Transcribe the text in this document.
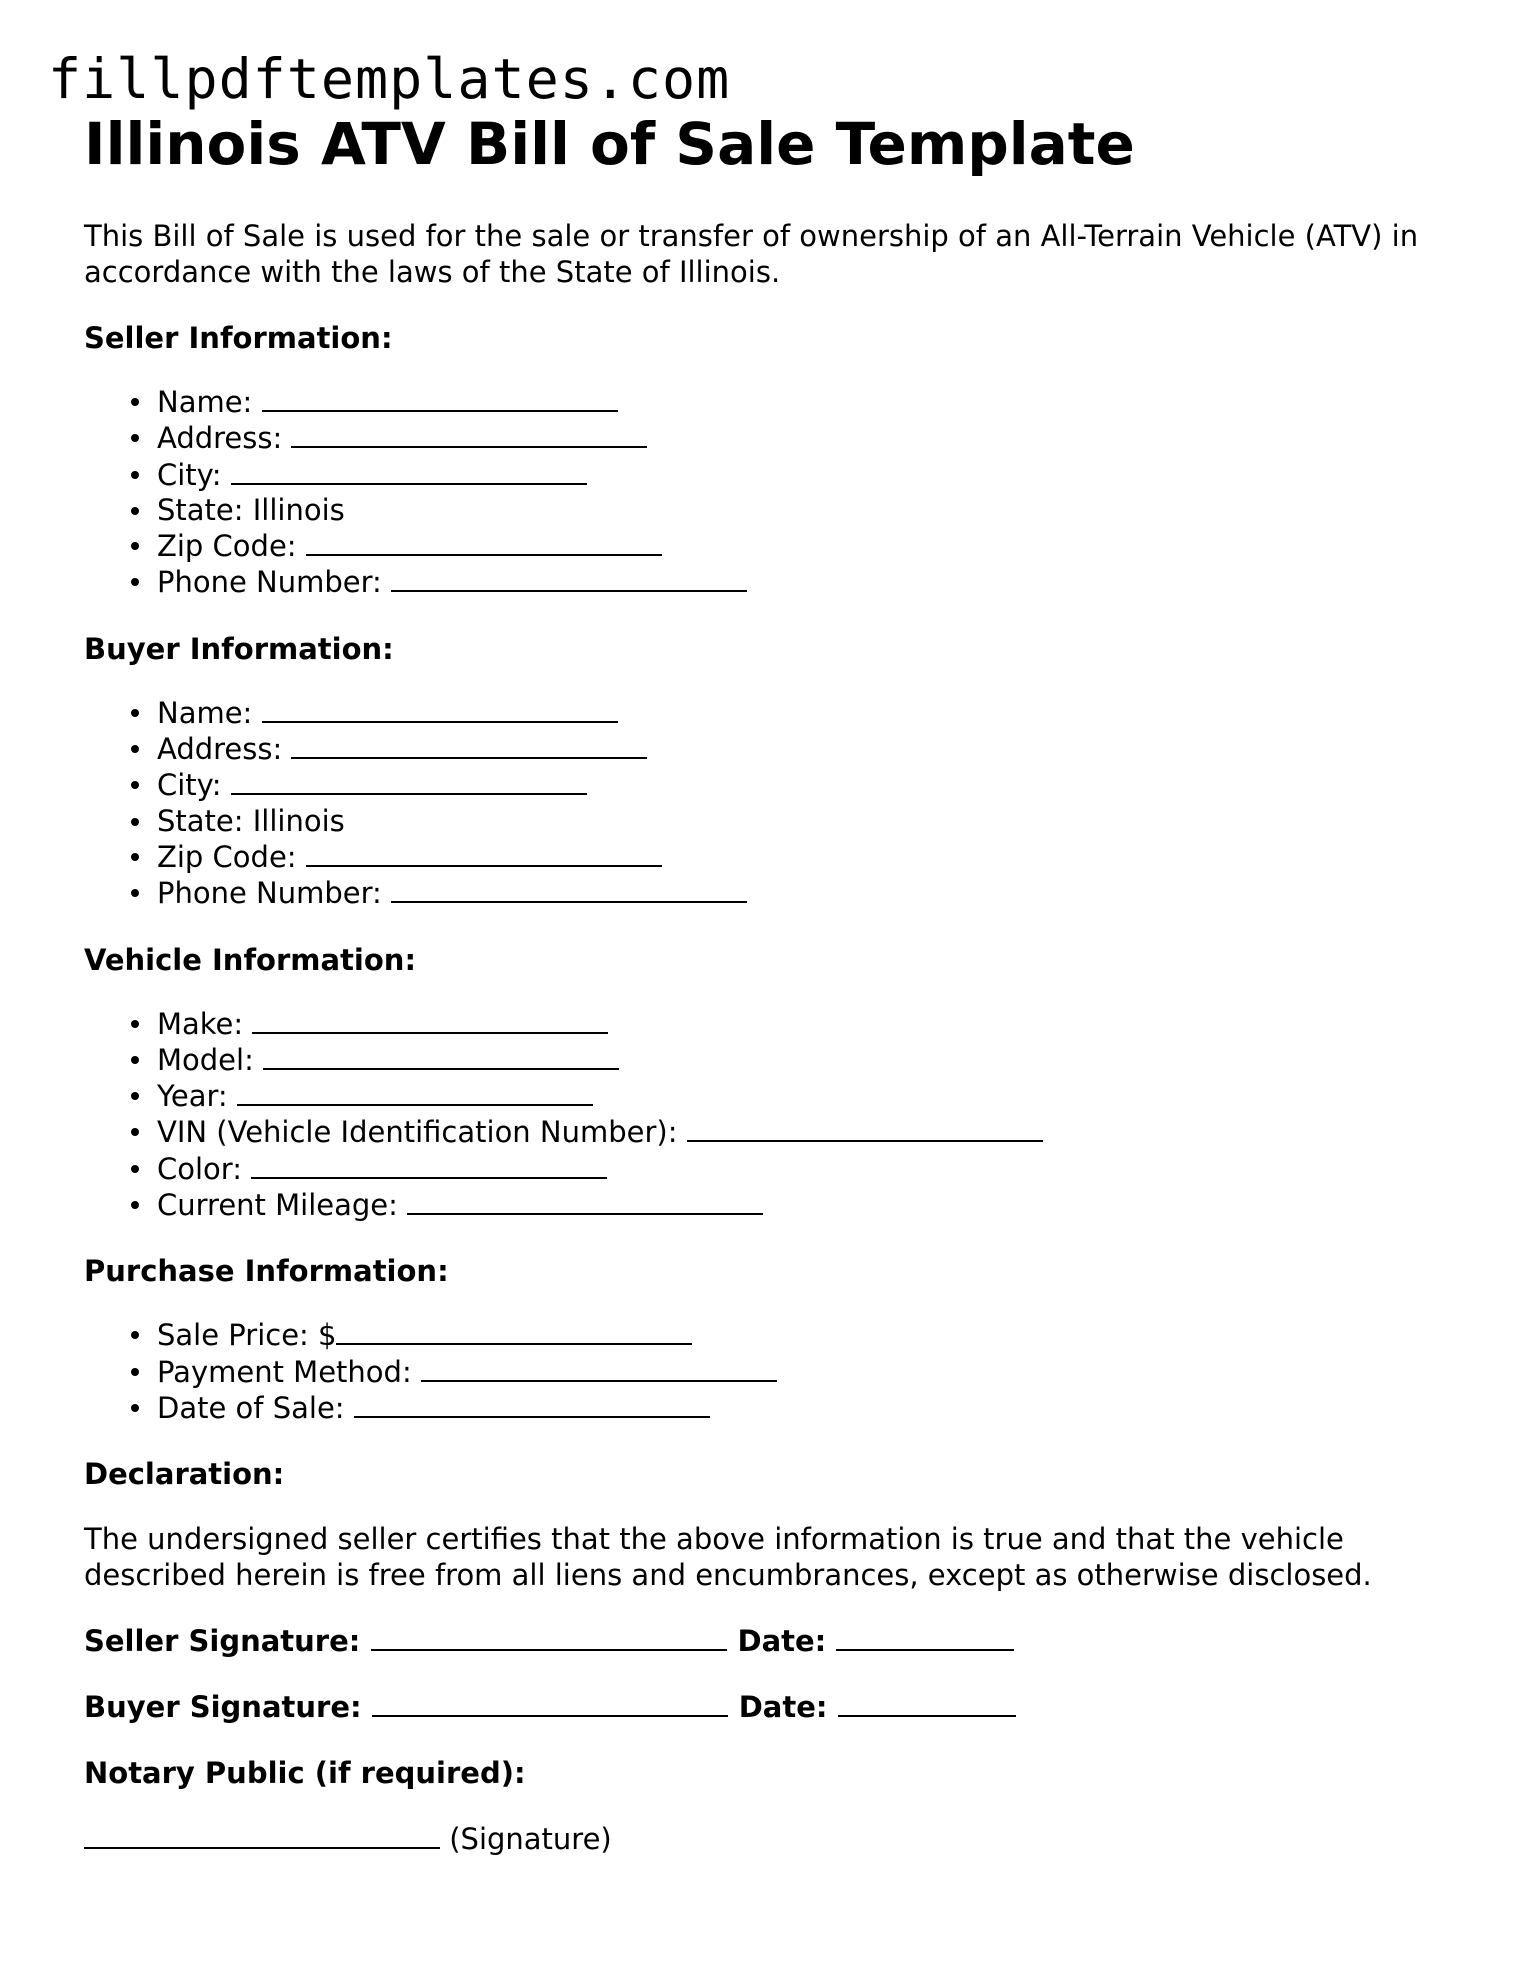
fillpdftemplates.com
Illinois ATV Bill of Sale Template

This Bill of Sale is used for the sale or transfer of ownership of an All-Terrain Vehicle (ATV) in accordance with the laws of the State of Illinois.

Seller Information:
Name:
Address:
City:
State: Illinois
Zip Code:
Phone Number:
Buyer Information:
Name:
Address:
City:
State: Illinois
Zip Code:
Phone Number:
Vehicle Information:
Make:
Model:
Year:
VIN (Vehicle Identification Number):
Color:
Current Mileage:
Purchase Information:
Sale Price: $
Payment Method:
Date of Sale:
Declaration:

The undersigned seller certifies that the above information is true and that the vehicle described herein is free from all liens and encumbrances, except as otherwise disclosed.

Seller Signature:	Date:
Buyer Signature:	Date:
Notary Public (if required):
(Signature)
